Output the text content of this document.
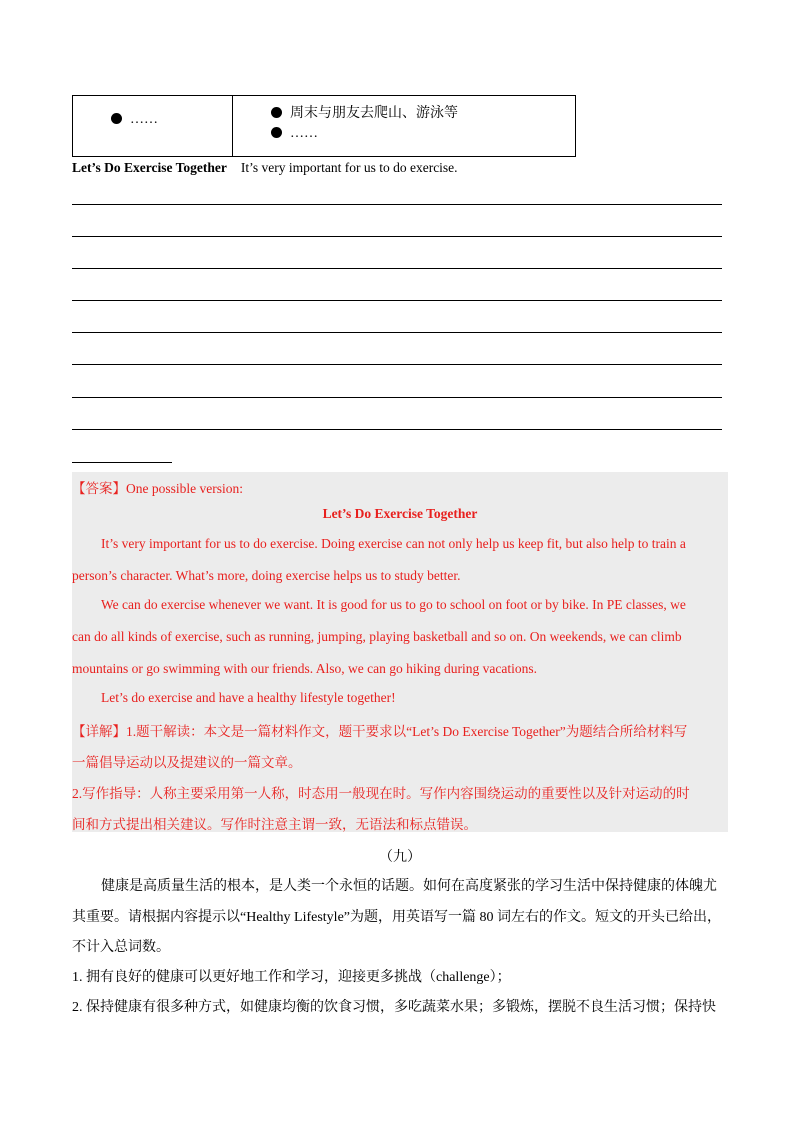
……	周末与朋友去爬山、游泳等
……
Let’s Do Exercise Together It’s very important for us to do exercise.
【答案】One possible version:
Let’s Do Exercise Together
It’s very important for us to do exercise. Doing exercise can not only help us keep fit, but also help to train a
person’s character. What’s more, doing exercise helps us to study better.
We can do exercise whenever we want. It is good for us to go to school on foot or by bike. In PE classes, we
can do all kinds of exercise, such as running, jumping, playing basketball and so on. On weekends, we can climb
mountains or go swimming with our friends. Also, we can go hiking during vacations.
Let’s do exercise and have a healthy lifestyle together!
【详解】1.题干解读：本文是一篇材料作文，题干要求以“Let’s Do Exercise Together”为题结合所给材料写
一篇倡导运动以及提建议的一篇文章。
2.写作指导：人称主要采用第一人称，时态用一般现在时。写作内容围绕运动的重要性以及针对运动的时
间和方式提出相关建议。写作时注意主谓一致，无语法和标点错误。
（九）
健康是高质量生活的根本，是人类一个永恒的话题。如何在高度紧张的学习生活中保持健康的体魄尤
其重要。请根据内容提示以“Healthy Lifestyle”为题，用英语写一篇 80 词左右的作文。短文的开头已给出，
不计入总词数。
1. 拥有良好的健康可以更好地工作和学习，迎接更多挑战（challenge）；
2. 保持健康有很多种方式，如健康均衡的饮食习惯，多吃蔬菜水果；多锻炼，摆脱不良生活习惯；保持快
